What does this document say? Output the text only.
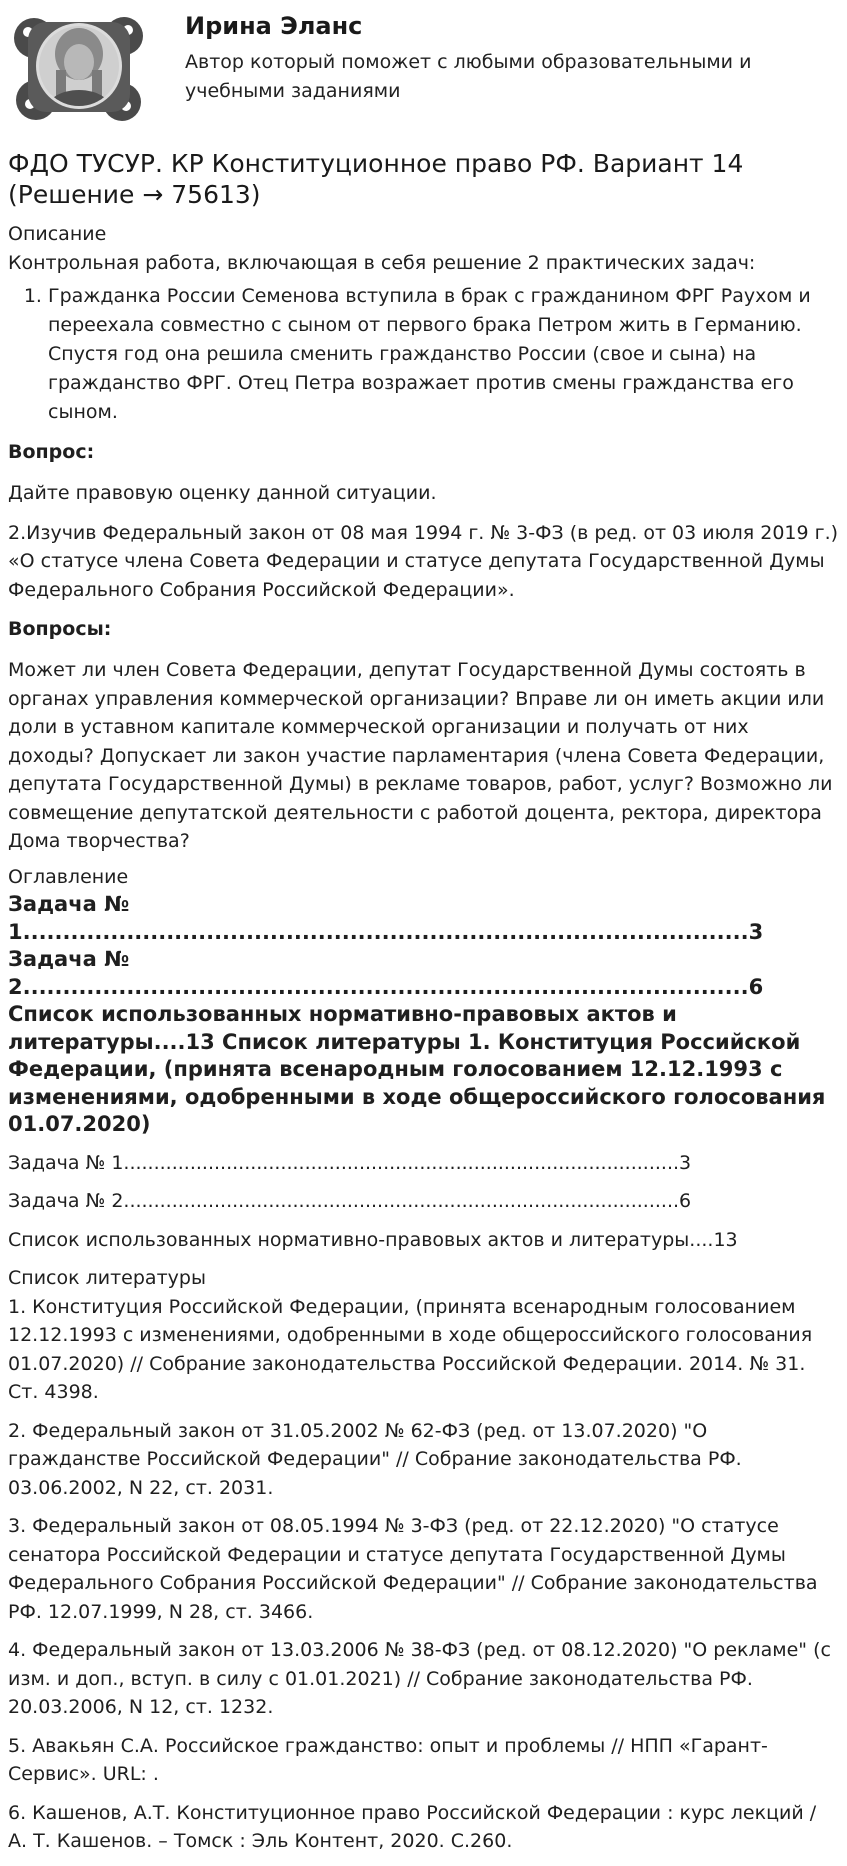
Ирина Эланс
Автор который поможет с любыми образовательными и учебными заданиями
ФДО ТУСУР. КР Конституционное право РФ. Вариант 14 (Решение → 75613)

Описание

Контрольная работа, включающая в себя решение 2 практических задач:

1. Гражданка России Семенова вступила в брак с гражданином ФРГ Раухом и переехала совместно с сыном от первого брака Петром жить в Германию. Спустя год она решила сменить гражданство России (свое и сына) на гражданство ФРГ. Отец Петра возражает против смены гражданства его сыном.

Вопрос:

Дайте правовую оценку данной ситуации.

2.Изучив Федеральный закон от 08 мая 1994 г. № 3-ФЗ (в ред. от 03 июля 2019 г.) «О статусе члена Совета Федерации и статусе депутата Государственной Думы Федерального Собрания Российской Федерации».

Вопросы:

Может ли член Совета Федерации, депутат Государственной Думы состоять в органах управления коммерческой организации? Вправе ли он иметь акции или доли в уставном капитале коммерческой организации и получать от них доходы? Допускает ли закон участие парламентария (члена Совета Федерации, депутата Государственной Думы) в рекламе товаров, работ, услуг? Возможно ли совмещение депутатской деятельности с работой доцента, ректора, директора Дома творчества?

Оглавление

Задача № 1...........................................................................................3 Задача № 2...........................................................................................6 Список использованных нормативно-правовых актов и литературы....13 Список литературы 1. Конституция Российской Федерации, (принята всенародным голосованием 12.12.1993 с изменениями, одобренными в ходе общероссийского голосования 01.07.2020)

Задача № 1............................................................................................3

Задача № 2............................................................................................6

Список использованных нормативно-правовых актов и литературы....13

Список литературы

1. Конституция Российской Федерации, (принята всенародным голосованием 12.12.1993 с изменениями, одобренными в ходе общероссийского голосования 01.07.2020) // Собрание законодательства Российской Федерации. 2014. № 31. Ст. 4398.

2. Федеральный закон от 31.05.2002 № 62-ФЗ (ред. от 13.07.2020) "О гражданстве Российской Федерации" // Собрание законодательства РФ. 03.06.2002, N 22, ст. 2031.

3. Федеральный закон от 08.05.1994 № 3-ФЗ (ред. от 22.12.2020) "О статусе сенатора Российской Федерации и статусе депутата Государственной Думы Федерального Собрания Российской Федерации" // Собрание законодательства РФ. 12.07.1999, N 28, ст. 3466.

4. Федеральный закон от 13.03.2006 № 38-ФЗ (ред. от 08.12.2020) "О рекламе" (с изм. и доп., вступ. в силу с 01.01.2021) // Собрание законодательства РФ. 20.03.2006, N 12, ст. 1232.

5. Авакьян С.А. Российское гражданство: опыт и проблемы // НПП «Гарант-Сервис». URL: .

6. Кашенов, А.Т. Конституционное право Российской Федерации : курс лекций / А. Т. Кашенов. – Томск : Эль Контент, 2020. С.260.
